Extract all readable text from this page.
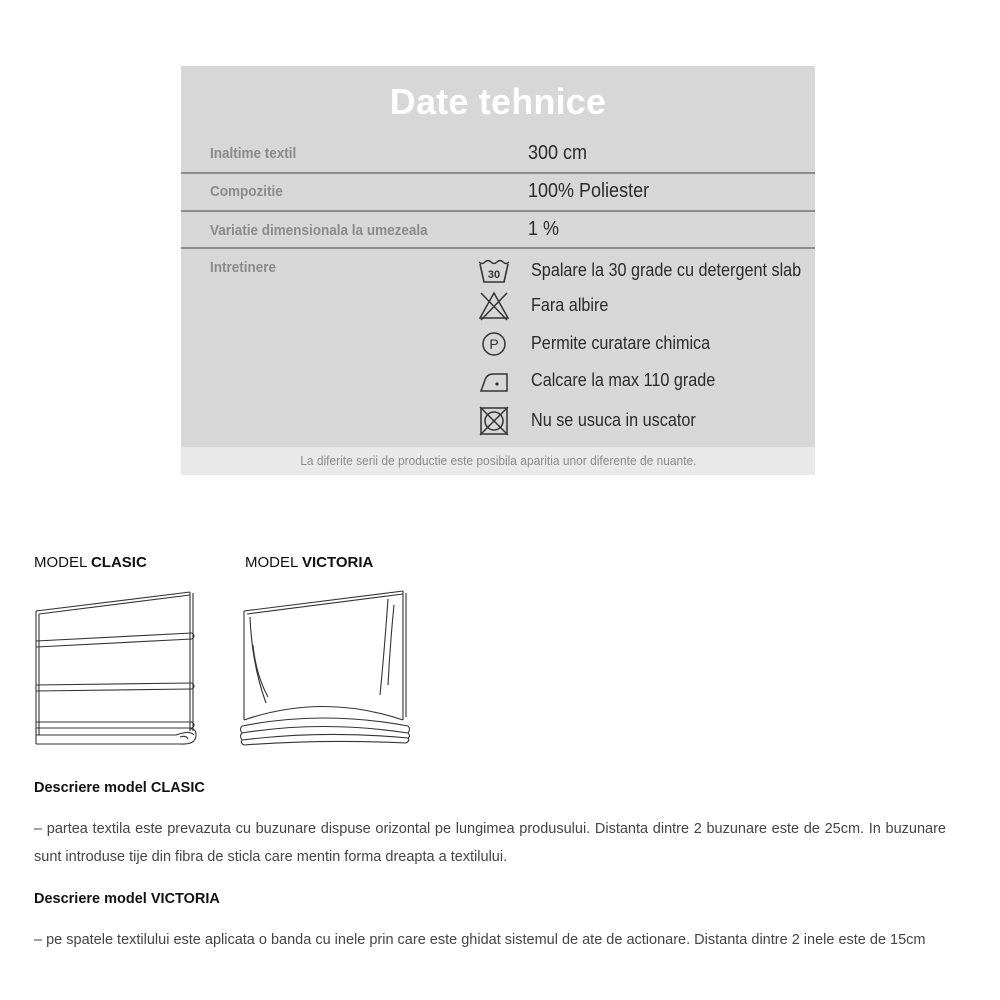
Date tehnice
Inaltime textil	300 cm
Compozitie	100% Poliester
Variatie dimensionala la umezeala	1 %
Intretinere	30 Spalare la 30 grade cu detergent slab
Fara albire
P Permite curatare chimica
Calcare la max 110 grade
Nu se usuca in uscator
La diferite serii de productie este posibila aparitia unor diferente de nuante.
MODEL CLASIC	MODEL VICTORIA
Descriere model CLASIC
– partea textila este prevazuta cu buzunare dispuse orizontal pe lungimea produsului. Distanta dintre 2 buzunare este de 25cm. In buzunare sunt introduse tije din fibra de sticla care mentin forma dreapta a textilului.
Descriere model VICTORIA
– pe spatele textilului este aplicata o banda cu inele prin care este ghidat sistemul de ate de actionare. Distanta dintre 2 inele este de 15cm
